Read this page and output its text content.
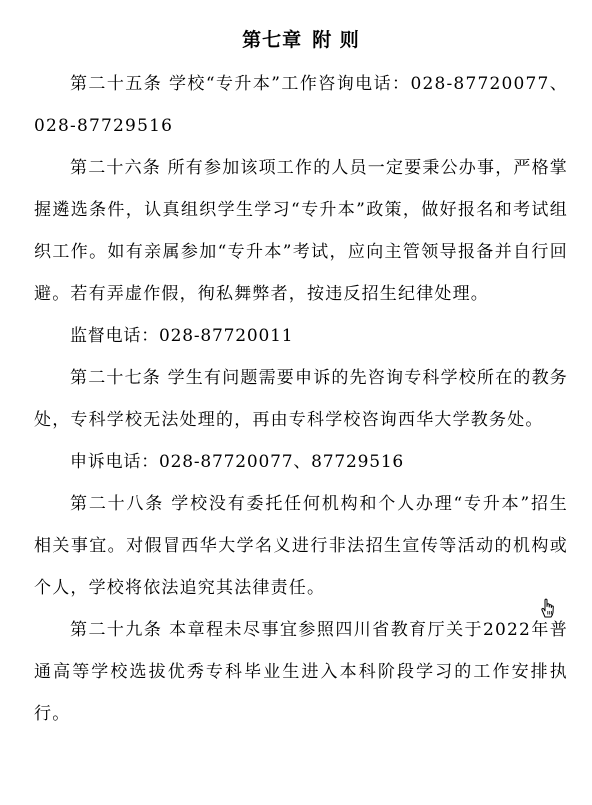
第七章 附 则

第二十五条 学校“专升本”工作咨询电话：028-87720077、028-87729516

第二十六条 所有参加该项工作的人员一定要秉公办事，严格掌握遴选条件，认真组织学生学习“专升本”政策，做好报名和考试组织工作。如有亲属参加“专升本”考试，应向主管领导报备并自行回避。若有弄虚作假，徇私舞弊者，按违反招生纪律处理。

监督电话：028-87720011

第二十七条 学生有问题需要申诉的先咨询专科学校所在的教务处，专科学校无法处理的，再由专科学校咨询西华大学教务处。

申诉电话：028-87720077、87729516

第二十八条 学校没有委托任何机构和个人办理“专升本”招生相关事宜。对假冒西华大学名义进行非法招生宣传等活动的机构或个人，学校将依法追究其法律责任。

第二十九条 本章程未尽事宜参照四川省教育厅关于2022年普通高等学校选拔优秀专科毕业生进入本科阶段学习的工作安排执行。
